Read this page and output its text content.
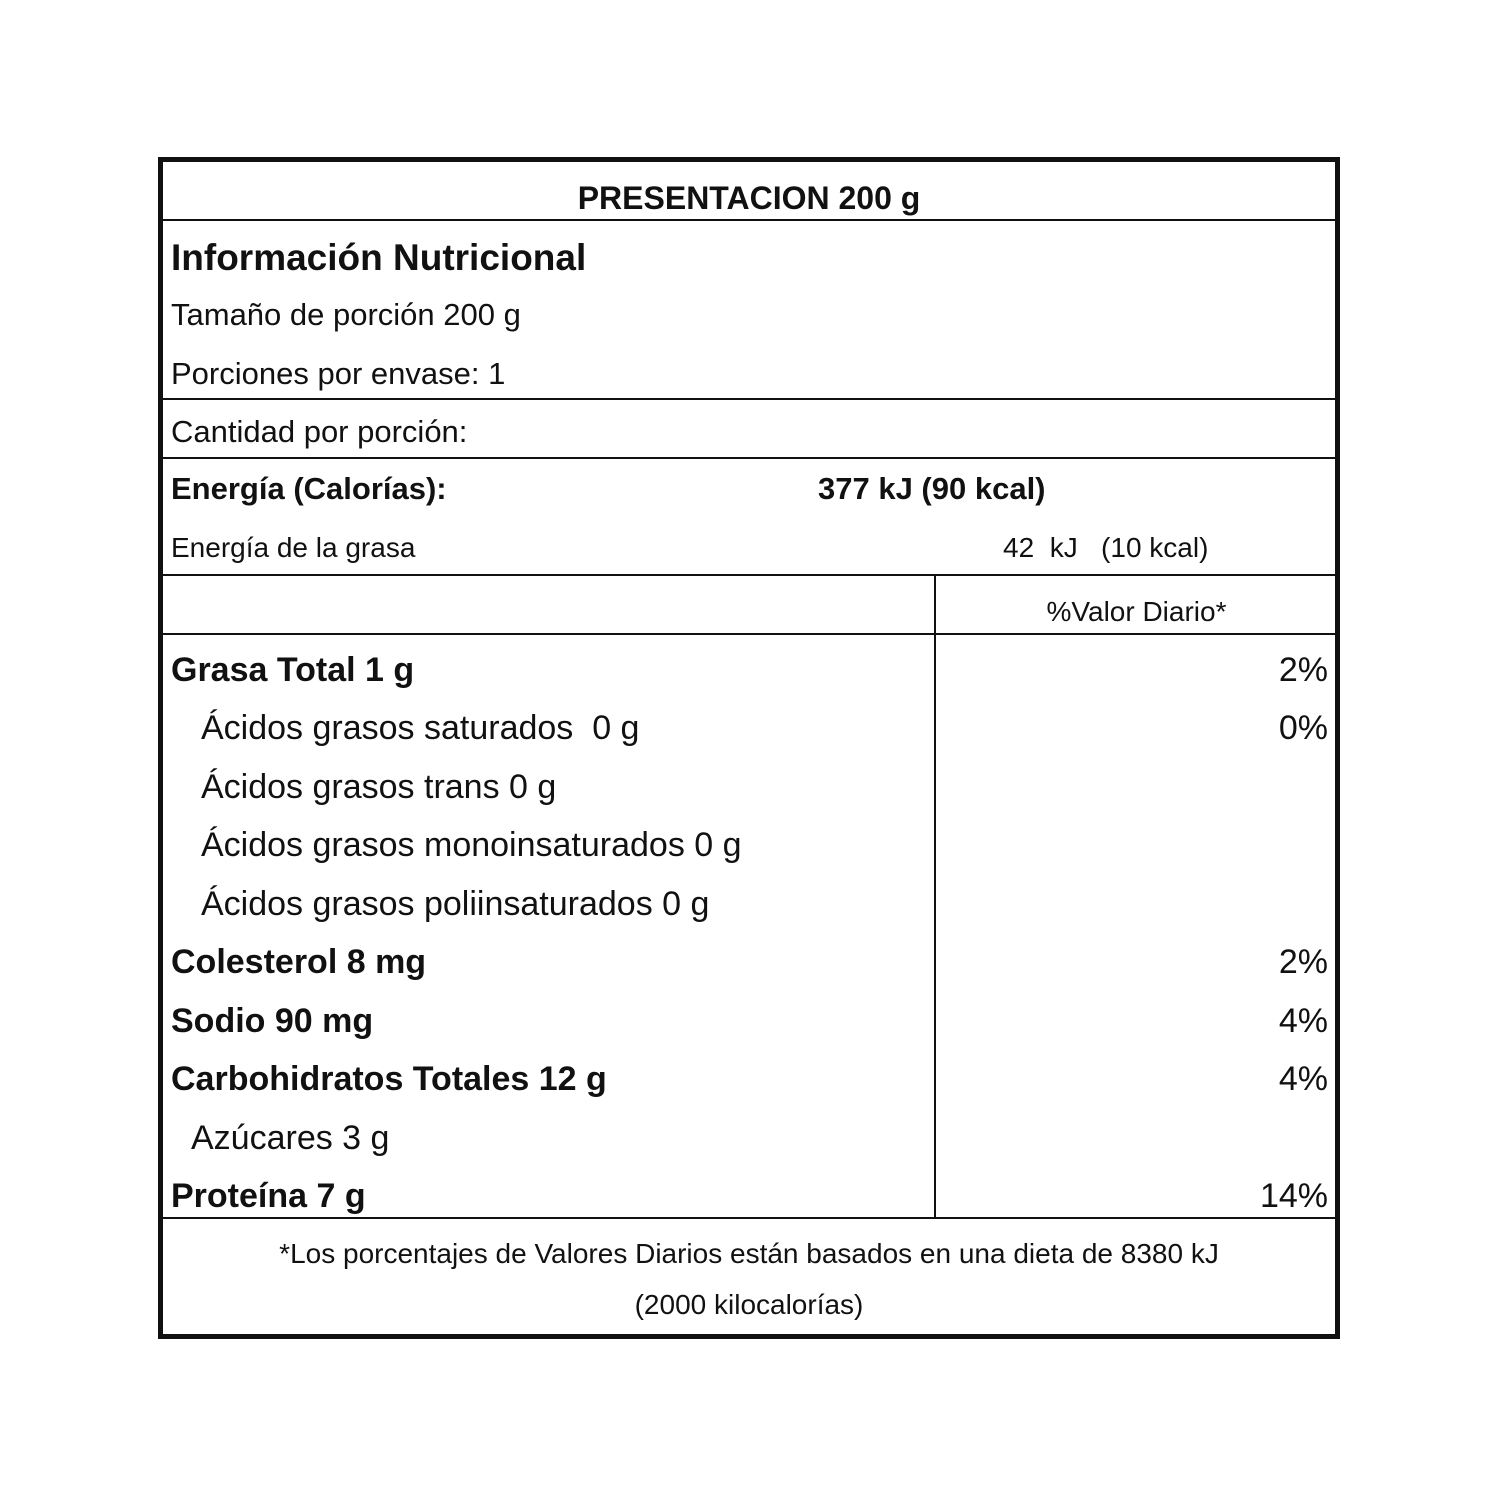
PRESENTACION 200 g
Información Nutricional
Tamaño de porción 200 g
Porciones por envase: 1
Cantidad por porción:
Energía (Calorías):	377 kJ (90 kcal)
Energía de la grasa	42  kJ   (10 kcal)
%Valor Diario*
Grasa Total 1 g	2%
Ácidos grasos saturados  0 g	0%
Ácidos grasos trans 0 g
Ácidos grasos monoinsaturados 0 g
Ácidos grasos poliinsaturados 0 g
Colesterol 8 mg	2%
Sodio 90 mg	4%
Carbohidratos Totales 12 g	4%
Azúcares 3 g
Proteína 7 g	14%
*Los porcentajes de Valores Diarios están basados en una dieta de 8380 kJ
(2000 kilocalorías)
